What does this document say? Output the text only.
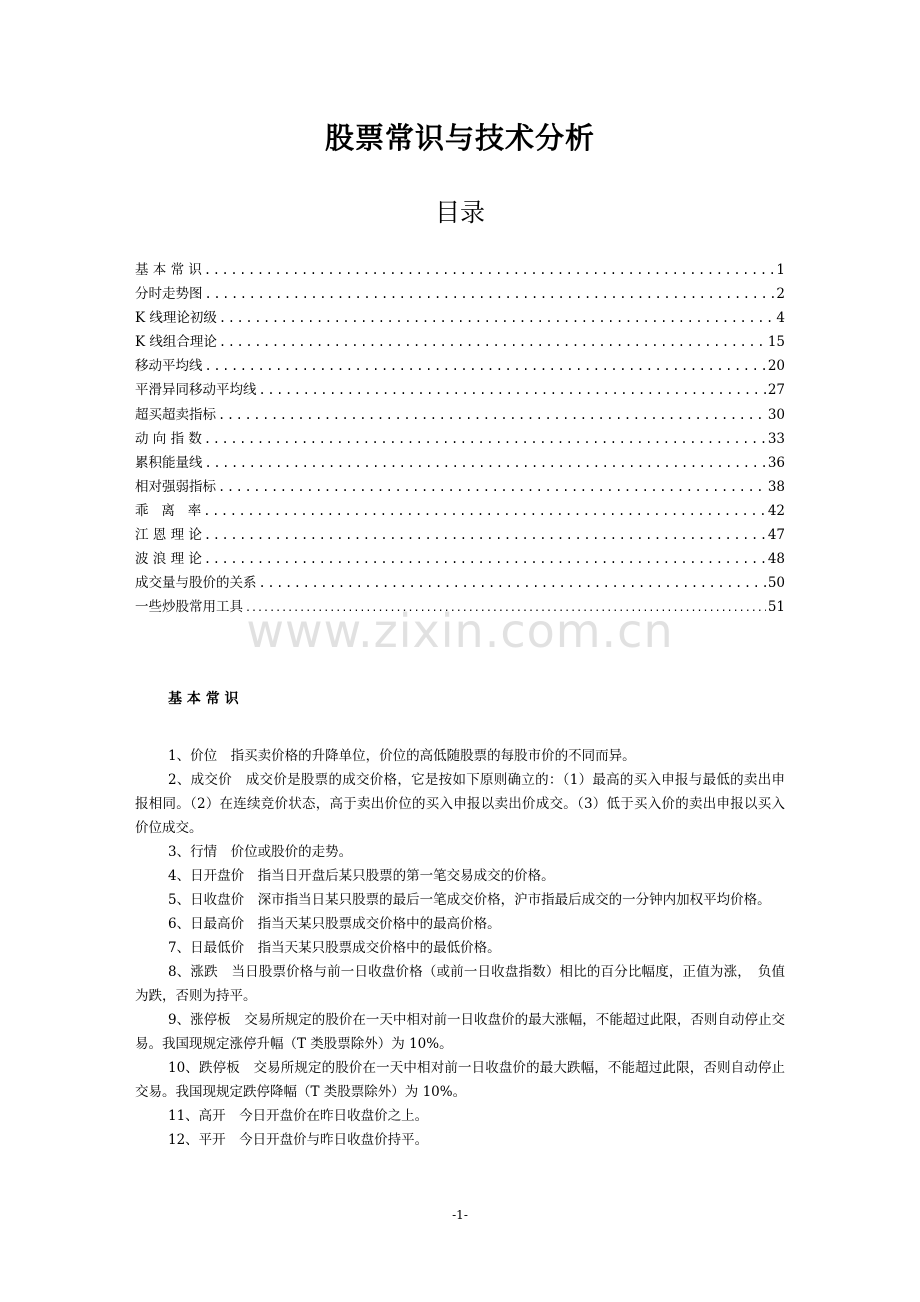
股票常识与技术分析
目录
基 本 常 识 .....	1
分时走势图 .....	2
K 线理论初级 .....	4
K 线组合理论 .....	15
移动平均线 .....	20
平滑异同移动平均线 .....	27
超买超卖指标 .....	30
动 向 指 数 .....	33
累积能量线 .....	36
相对强弱指标 .....	38
乖   离   率 .....	42
江 恩 理 论 .....	47
波 浪 理 论 .....	48
成交量与股价的关系 .....	50
一些炒股常用工具 .....	51
www.zixin.com.cn
基 本 常 识

1、价位　指买卖价格的升降单位，价位的高低随股票的每股市价的不同而异。

2、成交价　成交价是股票的成交价格，它是按如下原则确立的：（1）最高的买入申报与最低的卖出申报相同。（2）在连续竞价状态，高于卖出价位的买入申报以卖出价成交。（3）低于买入价的卖出申报以买入价位成交。

3、行情　价位或股价的走势。

4、日开盘价　指当日开盘后某只股票的第一笔交易成交的价格。

5、日收盘价　深市指当日某只股票的最后一笔成交价格，沪市指最后成交的一分钟内加权平均价格。

6、日最高价　指当天某只股票成交价格中的最高价格。

7、日最低价　指当天某只股票成交价格中的最低价格。

8、涨跌　当日股票价格与前一日收盘价格（或前一日收盘指数）相比的百分比幅度，正值为涨，　负值为跌，否则为持平。

9、涨停板　交易所规定的股价在一天中相对前一日收盘价的最大涨幅，不能超过此限，否则自动停止交易。我国现规定涨停升幅（T 类股票除外）为 10%。

10、跌停板　交易所规定的股价在一天中相对前一日收盘价的最大跌幅，不能超过此限，否则自动停止交易。我国现规定跌停降幅（T 类股票除外）为 10%。

11、高开　今日开盘价在昨日收盘价之上。

12、平开　今日开盘价与昨日收盘价持平。

-1-
